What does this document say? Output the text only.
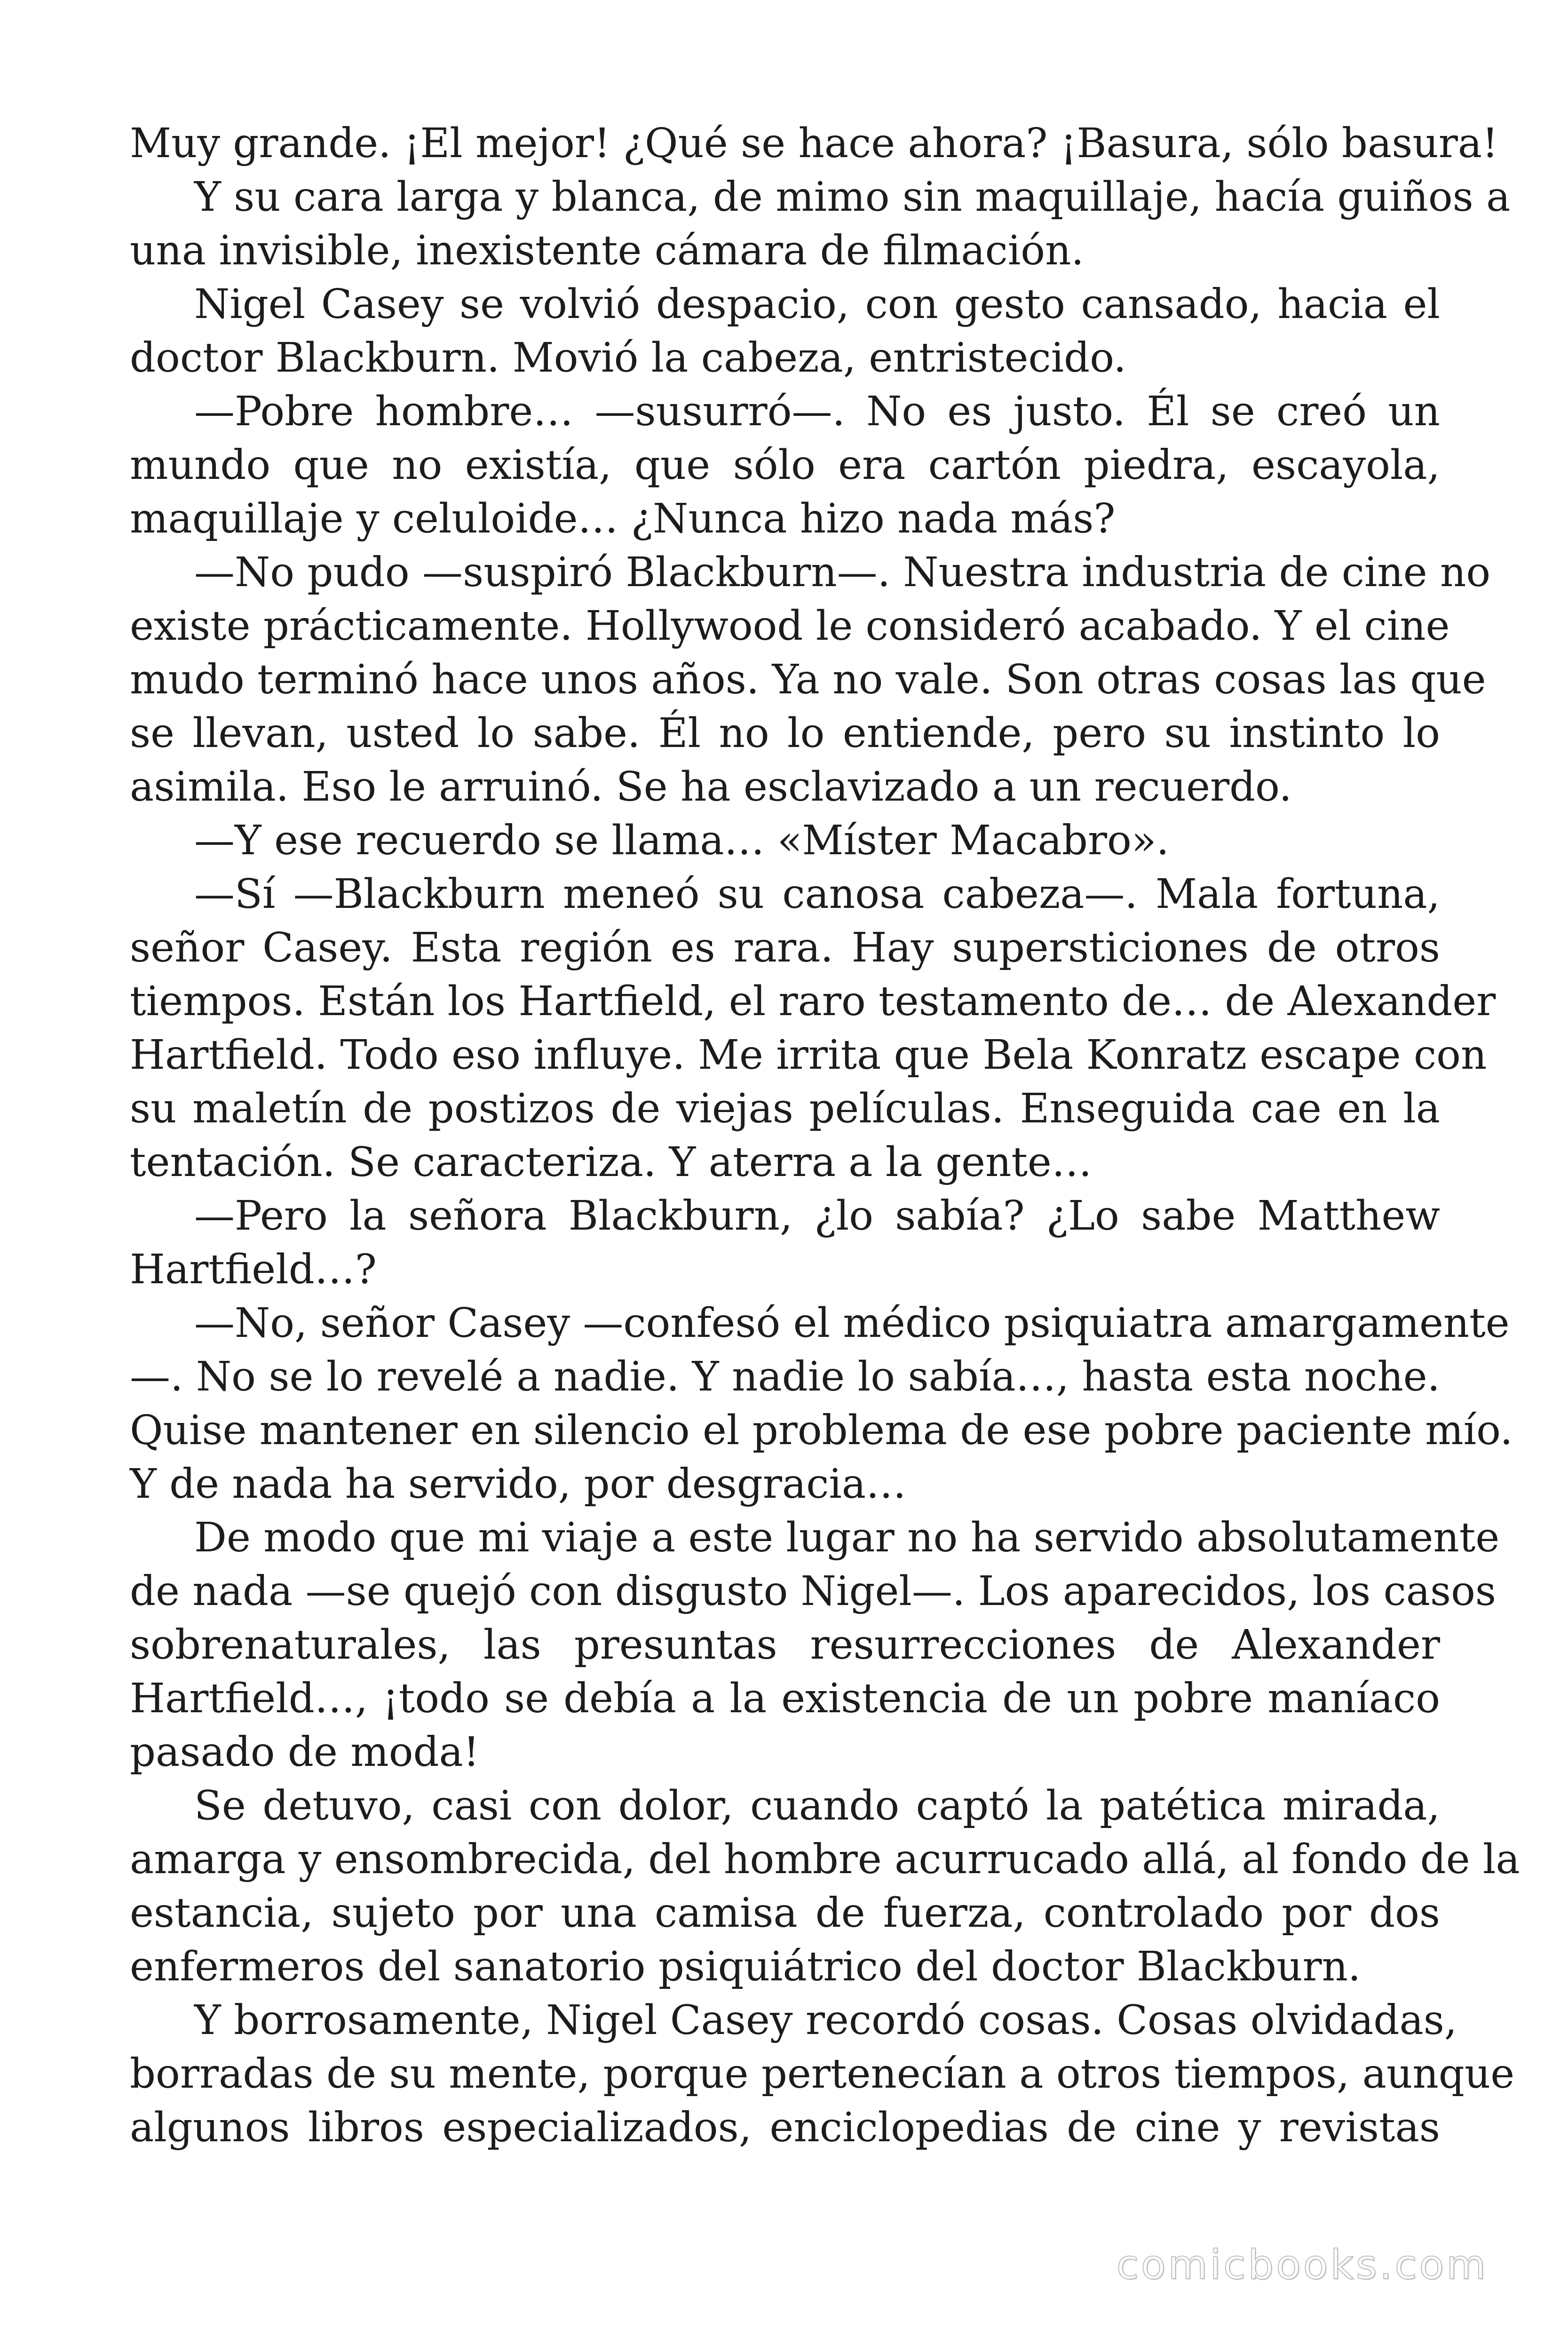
Muy grande. ¡El mejor! ¿Qué se hace ahora? ¡Basura, sólo basura!
Y su cara larga y blanca, de mimo sin maquillaje, hacía guiños a
una invisible, inexistente cámara de filmación.
Nigel Casey se volvió despacio, con gesto cansado, hacia el
doctor Blackburn. Movió la cabeza, entristecido.
—Pobre hombre… —susurró—. No es justo. Él se creó un
mundo que no existía, que sólo era cartón piedra, escayola,
maquillaje y celuloide… ¿Nunca hizo nada más?
—No pudo —suspiró Blackburn—. Nuestra industria de cine no
existe prácticamente. Hollywood le consideró acabado. Y el cine
mudo terminó hace unos años. Ya no vale. Son otras cosas las que
se llevan, usted lo sabe. Él no lo entiende, pero su instinto lo
asimila. Eso le arruinó. Se ha esclavizado a un recuerdo.
—Y ese recuerdo se llama… «Míster Macabro».
—Sí —Blackburn meneó su canosa cabeza—. Mala fortuna,
señor Casey. Esta región es rara. Hay supersticiones de otros
tiempos. Están los Hartfield, el raro testamento de… de Alexander
Hartfield. Todo eso influye. Me irrita que Bela Konratz escape con
su maletín de postizos de viejas películas. Enseguida cae en la
tentación. Se caracteriza. Y aterra a la gente…
—Pero la señora Blackburn, ¿lo sabía? ¿Lo sabe Matthew
Hartfield…?
—No, señor Casey —confesó el médico psiquiatra amargamente
—. No se lo revelé a nadie. Y nadie lo sabía…, hasta esta noche.
Quise mantener en silencio el problema de ese pobre paciente mío.
Y de nada ha servido, por desgracia…
De modo que mi viaje a este lugar no ha servido absolutamente
de nada —se quejó con disgusto Nigel—. Los aparecidos, los casos
sobrenaturales, las presuntas resurrecciones de Alexander
Hartfield…, ¡todo se debía a la existencia de un pobre maníaco
pasado de moda!
Se detuvo, casi con dolor, cuando captó la patética mirada,
amarga y ensombrecida, del hombre acurrucado allá, al fondo de la
estancia, sujeto por una camisa de fuerza, controlado por dos
enfermeros del sanatorio psiquiátrico del doctor Blackburn.
Y borrosamente, Nigel Casey recordó cosas. Cosas olvidadas,
borradas de su mente, porque pertenecían a otros tiempos, aunque
algunos libros especializados, enciclopedias de cine y revistas
comicbooks.com
